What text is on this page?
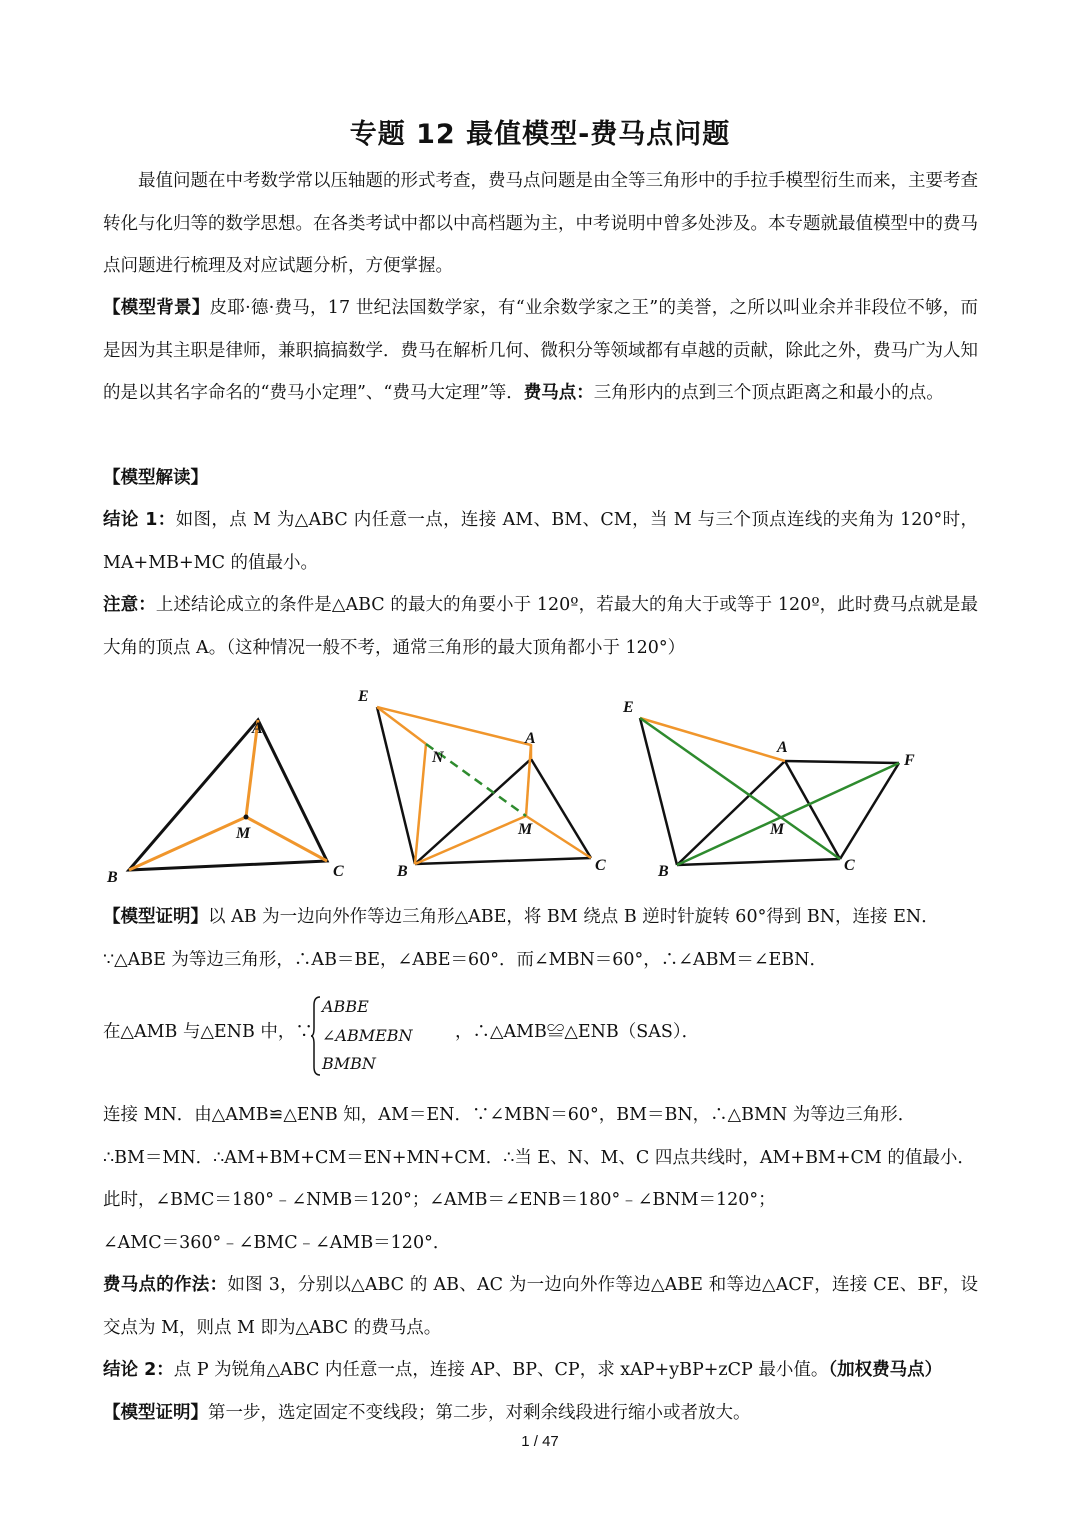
专题 12 最值模型-费马点问题

最值问题在中考数学常以压轴题的形式考查，费马点问题是由全等三角形中的手拉手模型衍生而来，主要考查转化与化归等的数学思想。在各类考试中都以中高档题为主，中考说明中曾多处涉及。本专题就最值模型中的费马点问题进行梳理及对应试题分析，方便掌握。

【模型背景】皮耶·德·费马，17 世纪法国数学家，有“业余数学家之王”的美誉，之所以叫业余并非段位不够，而是因为其主职是律师，兼职搞搞数学．费马在解析几何、微积分等领域都有卓越的贡献，除此之外，费马广为人知的是以其名字命名的“费马小定理”、“费马大定理”等．费马点：三角形内的点到三个顶点距离之和最小的点。

【模型解读】

结论 1：如图，点 M 为△ABC 内任意一点，连接 AM、BM、CM，当 M 与三个顶点连线的夹角为 120°时，MA+MB+MC 的值最小。

注意：上述结论成立的条件是△ABC 的最大的角要小于 120º，若最大的角大于或等于 120º，此时费马点就是最大角的顶点 A。（这种情况一般不考，通常三角形的最大顶角都小于 120°）

A
B	C
M
E
A
N
M
B	C
E
A
F
M
B	C

【模型证明】以 AB 为一边向外作等边三角形△ABE，将 BM 绕点 B 逆时针旋转 60°得到 BN，连接 EN．

∵△ABE 为等边三角形，∴AB＝BE，∠ABE＝60°．而∠MBN＝60°，∴∠ABM＝∠EBN．

在△AMB 与△ENB 中，∵
ABBE
∠ABMEBN
BMBN
，∴△AMB≌△ENB（SAS）．

连接 MN．由△AMB≌△ENB 知，AM＝EN．∵∠MBN＝60°，BM＝BN，∴△BMN 为等边三角形．

∴BM＝MN．∴AM+BM+CM＝EN+MN+CM．∴当 E、N、M、C 四点共线时，AM+BM+CM 的值最小．

此时，∠BMC＝180°﹣∠NMB＝120°；∠AMB＝∠ENB＝180°﹣∠BNM＝120°；

∠AMC＝360°﹣∠BMC﹣∠AMB＝120°．

费马点的作法：如图 3，分别以△ABC 的 AB、AC 为一边向外作等边△ABE 和等边△ACF，连接 CE、BF，设交点为 M，则点 M 即为△ABC 的费马点。

结论 2：点 P 为锐角△ABC 内任意一点，连接 AP、BP、CP，求 xAP+yBP+zCP 最小值。（加权费马点）

【模型证明】第一步，选定固定不变线段；第二步，对剩余线段进行缩小或者放大。

1 / 47
